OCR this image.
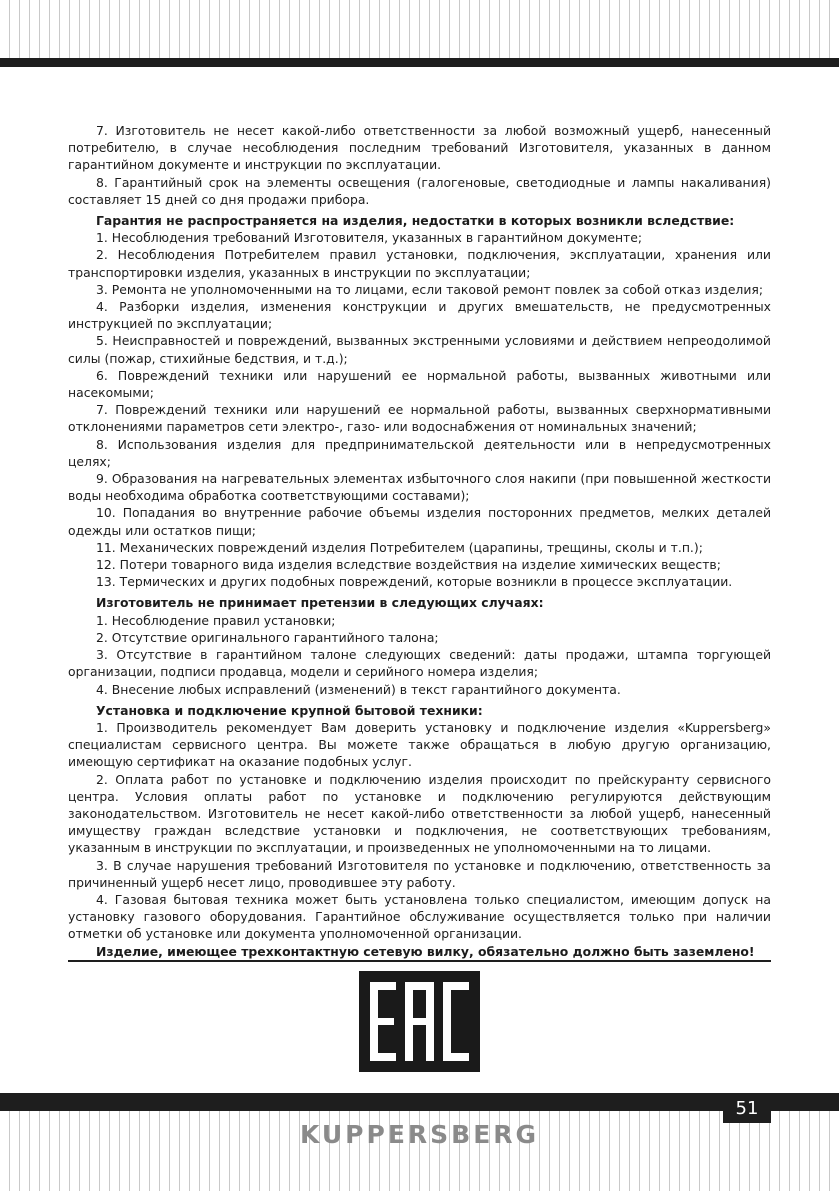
7. Изготовитель не несет какой-либо ответственности за любой возможный ущерб, нанесенный потребителю, в случае несоблюдения последним требований Изготовителя, указанных в данном гарантийном документе и инструкции по эксплуатации.

8. Гарантийный срок на элементы освещения (галогеновые, светодиодные и лампы накаливания) составляет 15 дней со дня продажи прибора.

Гарантия не распространяется на изделия, недостатки в которых возникли вследствие:

1. Несоблюдения требований Изготовителя, указанных в гарантийном документе;

2. Несоблюдения Потребителем правил установки, подключения, эксплуатации, хранения или транспортировки изделия, указанных в инструкции по эксплуатации;

3. Ремонта не уполномоченными на то лицами, если таковой ремонт повлек за собой отказ изделия;

4. Разборки изделия, изменения конструкции и других вмешательств, не предусмотренных инструкцией по эксплуатации;

5. Неисправностей и повреждений, вызванных экстренными условиями и действием непреодолимой силы (пожар, стихийные бедствия, и т.д.);

6. Повреждений техники или нарушений ее нормальной работы, вызванных животными или насекомыми;

7. Повреждений техники или нарушений ее нормальной работы, вызванных сверхнормативными отклонениями параметров сети электро-, газо- или водоснабжения от номинальных значений;

8. Использования изделия для предпринимательской деятельности или в непредусмотренных целях;

9. Образования на нагревательных элементах избыточного слоя накипи (при повышенной жесткости воды необходима обработка соответствующими составами);

10. Попадания во внутренние рабочие объемы изделия посторонних предметов, мелких деталей одежды или остатков пищи;

11. Механических повреждений изделия Потребителем (царапины, трещины, сколы и т.п.);

12. Потери товарного вида изделия вследствие воздействия на изделие химических веществ;

13. Термических и других подобных повреждений, которые возникли в процессе эксплуатации.

Изготовитель не принимает претензии в следующих случаях:

1. Несоблюдение правил установки;

2. Отсутствие оригинального гарантийного талона;

3. Отсутствие в гарантийном талоне следующих сведений: даты продажи, штампа торгующей организации, подписи продавца, модели и серийного номера изделия;

4. Внесение любых исправлений (изменений) в текст гарантийного документа.

Установка и подключение крупной бытовой техники:

1. Производитель рекомендует Вам доверить установку и подключение изделия «Kuppersberg» специалистам сервисного центра. Вы можете также обращаться в любую другую организацию, имеющую сертификат на оказание подобных услуг.

2. Оплата работ по установке и подключению изделия происходит по прейскуранту сервисного центра. Условия оплаты работ по установке и подключению регулируются действующим законодательством. Изготовитель не несет какой-либо ответственности за любой ущерб, нанесенный имуществу граждан вследствие установки и подключения, не соответствующих требованиям, указанным в инструкции по эксплуатации, и произведенных не уполномоченными на то лицами.

3. В случае нарушения требований Изготовителя по установке и подключению, ответственность за причиненный ущерб несет лицо, проводившее эту работу.

4. Газовая бытовая техника может быть установлена только специалистом, имеющим допуск на установку газового оборудования. Гарантийное обслуживание осуществляется только при наличии отметки об установке или документа уполномоченной организации.

Изделие, имеющее трехконтактную сетевую вилку, обязательно должно быть заземлено!

51
KUPPERSBERG
